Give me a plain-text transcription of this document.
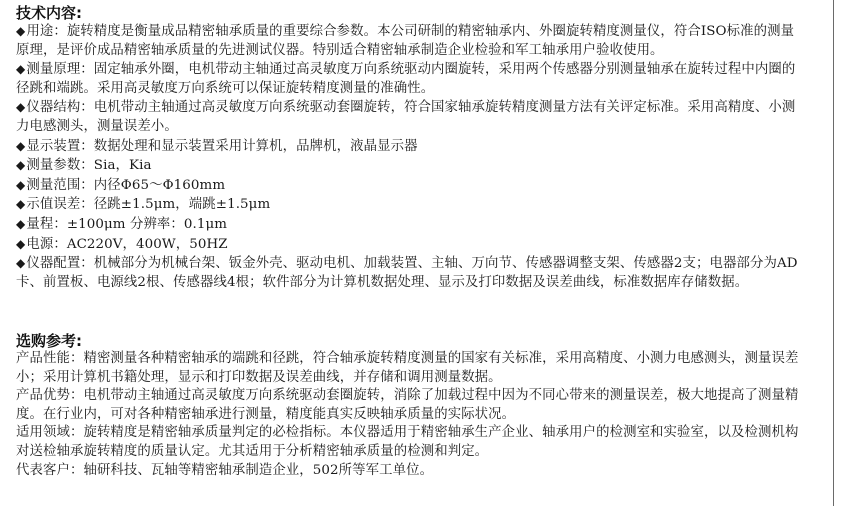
技术内容:
◆用途：旋转精度是衡量成品精密轴承质量的重要综合参数。本公司研制的精密轴承内、外圈旋转精度测量仪，符合ISO标准的测量原理，是评价成品精密轴承质量的先进测试仪器。特别适合精密轴承制造企业检验和军工轴承用户验收使用。
◆测量原理：固定轴承外圈，电机带动主轴通过高灵敏度万向系统驱动内圈旋转，采用两个传感器分别测量轴承在旋转过程中内圈的径跳和端跳。采用高灵敏度万向系统可以保证旋转精度测量的准确性。
◆仪器结构：电机带动主轴通过高灵敏度万向系统驱动套圈旋转，符合国家轴承旋转精度测量方法有关评定标准。采用高精度、小测力电感测头，测量误差小。
◆显示装置：数据处理和显示装置采用计算机，品牌机，液晶显示器
◆测量参数：Sia，Kia
◆测量范围：内径Φ65～Φ160mm
◆示值误差：径跳±1.5μm，端跳±1.5μm
◆量程：±100μm 分辨率：0.1μm
◆电源：AC220V，400W，50HZ
◆仪器配置：机械部分为机械台架、钣金外壳、驱动电机、加载装置、主轴、万向节、传感器调整支架、传感器2支；电器部分为AD卡、前置板、电源线2根、传感器线4根；软件部分为计算机数据处理、显示及打印数据及误差曲线，标准数据库存储数据。
选购参考:
产品性能：精密测量各种精密轴承的端跳和径跳，符合轴承旋转精度测量的国家有关标准，采用高精度、小测力电感测头，测量误差小；采用计算机书籍处理，显示和打印数据及误差曲线，并存储和调用测量数据。
产品优势：电机带动主轴通过高灵敏度万向系统驱动套圈旋转，消除了加载过程中因为不同心带来的测量误差，极大地提高了测量精度。在行业内，可对各种精密轴承进行测量，精度能真实反映轴承质量的实际状况。
适用领域：旋转精度是精密轴承质量判定的必检指标。本仪器适用于精密轴承生产企业、轴承用户的检测室和实验室，以及检测机构对送检轴承旋转精度的质量认定。尤其适用于分析精密轴承质量的检测和判定。
代表客户：轴研科技、瓦轴等精密轴承制造企业，502所等军工单位。
